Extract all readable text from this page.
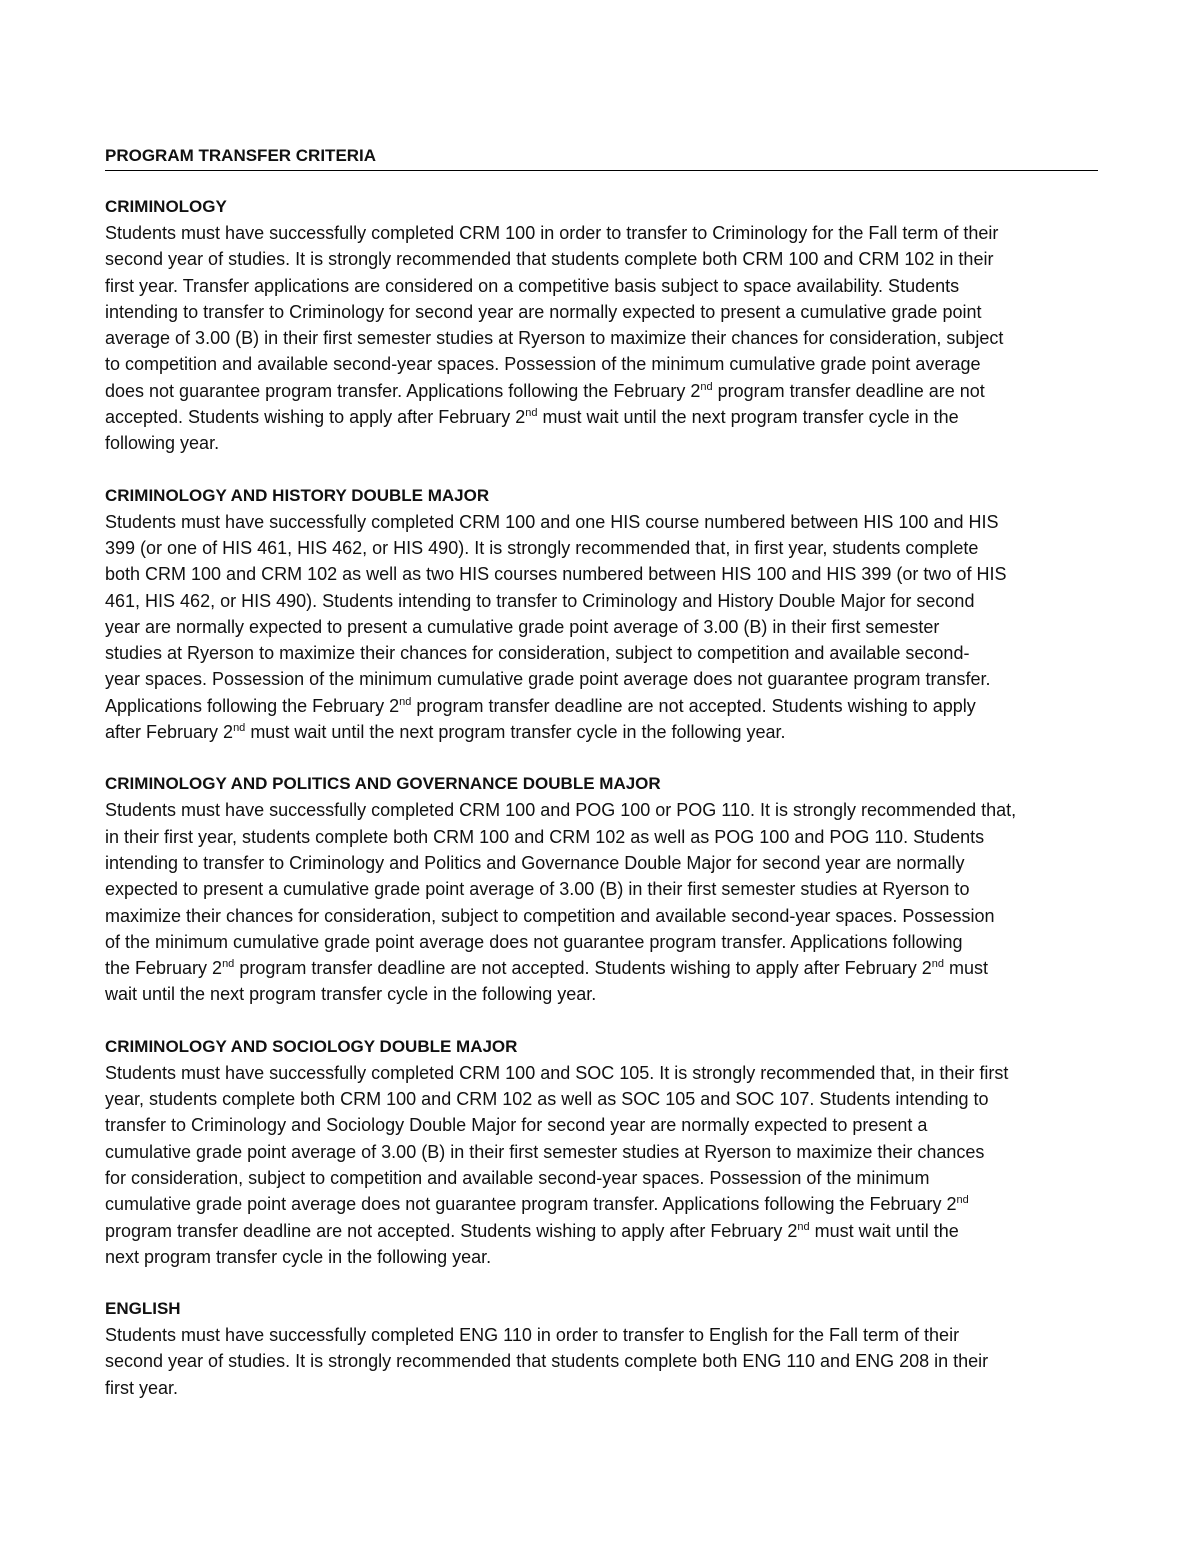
PROGRAM TRANSFER CRITERIA
CRIMINOLOGY
Students must have successfully completed CRM 100 in order to transfer to Criminology for the Fall term of their
second year of studies. It is strongly recommended that students complete both CRM 100 and CRM 102 in their
first year. Transfer applications are considered on a competitive basis subject to space availability. Students
intending to transfer to Criminology for second year are normally expected to present a cumulative grade point
average of 3.00 (B) in their first semester studies at Ryerson to maximize their chances for consideration, subject
to competition and available second-year spaces. Possession of the minimum cumulative grade point average
does not guarantee program transfer. Applications following the February 2nd program transfer deadline are not
accepted. Students wishing to apply after February 2nd must wait until the next program transfer cycle in the
following year.
CRIMINOLOGY AND HISTORY DOUBLE MAJOR
Students must have successfully completed CRM 100 and one HIS course numbered between HIS 100 and HIS
399 (or one of HIS 461, HIS 462, or HIS 490). It is strongly recommended that, in first year, students complete
both CRM 100 and CRM 102 as well as two HIS courses numbered between HIS 100 and HIS 399 (or two of HIS
461, HIS 462, or HIS 490). Students intending to transfer to Criminology and History Double Major for second
year are normally expected to present a cumulative grade point average of 3.00 (B) in their first semester
studies at Ryerson to maximize their chances for consideration, subject to competition and available second-
year spaces. Possession of the minimum cumulative grade point average does not guarantee program transfer.
Applications following the February 2nd program transfer deadline are not accepted. Students wishing to apply
after February 2nd must wait until the next program transfer cycle in the following year.
CRIMINOLOGY AND POLITICS AND GOVERNANCE DOUBLE MAJOR
Students must have successfully completed CRM 100 and POG 100 or POG 110. It is strongly recommended that,
in their first year, students complete both CRM 100 and CRM 102 as well as POG 100 and POG 110. Students
intending to transfer to Criminology and Politics and Governance Double Major for second year are normally
expected to present a cumulative grade point average of 3.00 (B) in their first semester studies at Ryerson to
maximize their chances for consideration, subject to competition and available second-year spaces. Possession
of the minimum cumulative grade point average does not guarantee program transfer. Applications following
the February 2nd program transfer deadline are not accepted. Students wishing to apply after February 2nd must
wait until the next program transfer cycle in the following year.
CRIMINOLOGY AND SOCIOLOGY DOUBLE MAJOR
Students must have successfully completed CRM 100 and SOC 105. It is strongly recommended that, in their first
year, students complete both CRM 100 and CRM 102 as well as SOC 105 and SOC 107. Students intending to
transfer to Criminology and Sociology Double Major for second year are normally expected to present a
cumulative grade point average of 3.00 (B) in their first semester studies at Ryerson to maximize their chances
for consideration, subject to competition and available second-year spaces. Possession of the minimum
cumulative grade point average does not guarantee program transfer. Applications following the February 2nd
program transfer deadline are not accepted. Students wishing to apply after February 2nd must wait until the
next program transfer cycle in the following year.
ENGLISH
Students must have successfully completed ENG 110 in order to transfer to English for the Fall term of their
second year of studies. It is strongly recommended that students complete both ENG 110 and ENG 208 in their
first year.
